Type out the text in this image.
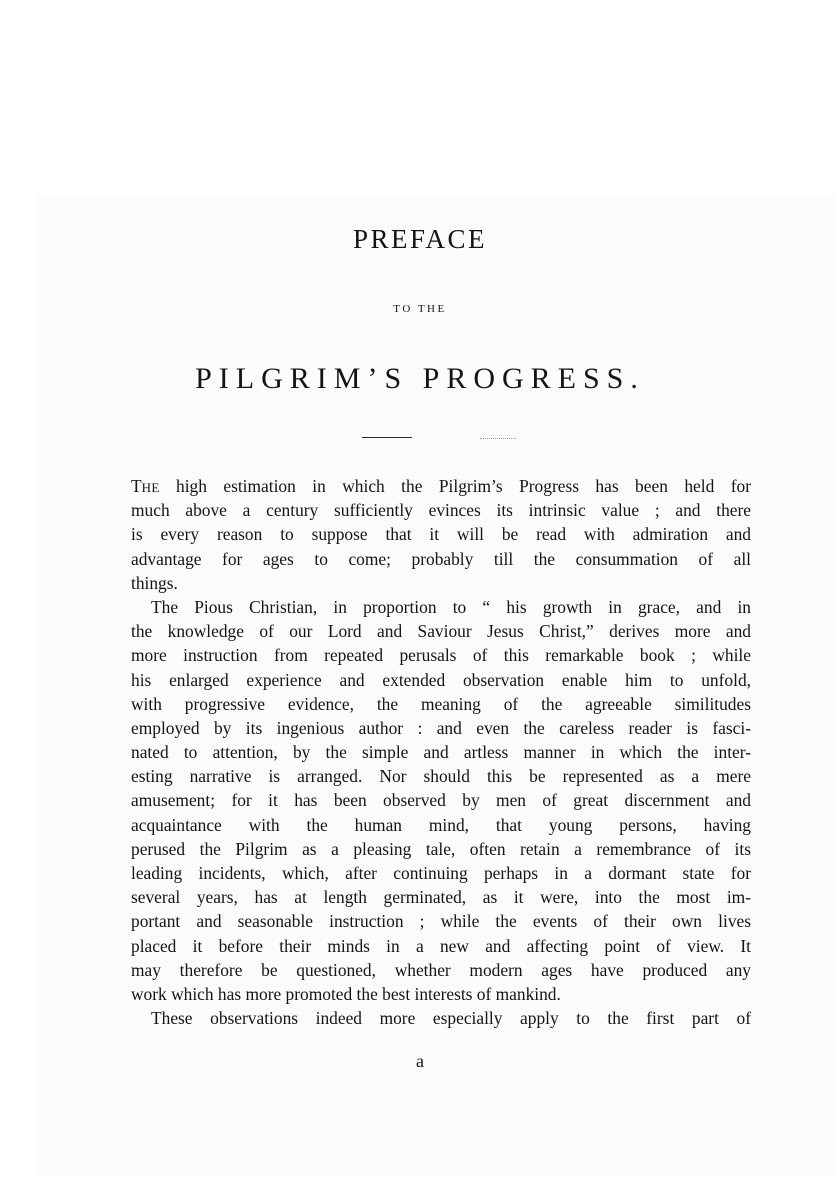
PREFACE
TO THE
PILGRIM’S PROGRESS.
THE high estimation in which the Pilgrim’s Progress has been held for
much above a century sufficiently evinces its intrinsic value ; and there
is every reason to suppose that it will be read with admiration and
advantage for ages to come; probably till the consummation of all
things.
The Pious Christian, in proportion to “ his growth in grace, and in
the knowledge of our Lord and Saviour Jesus Christ,” derives more and
more instruction from repeated perusals of this remarkable book ; while
his enlarged experience and extended observation enable him to unfold,
with progressive evidence, the meaning of the agreeable similitudes
employed by its ingenious author : and even the careless reader is fasci-
nated to attention, by the simple and artless manner in which the inter-
esting narrative is arranged. Nor should this be represented as a mere
amusement; for it has been observed by men of great discernment and
acquaintance with the human mind, that young persons, having
perused the Pilgrim as a pleasing tale, often retain a remembrance of its
leading incidents, which, after continuing perhaps in a dormant state for
several years, has at length germinated, as it were, into the most im-
portant and seasonable instruction ; while the events of their own lives
placed it before their minds in a new and affecting point of view. It
may therefore be questioned, whether modern ages have produced any
work which has more promoted the best interests of mankind.
These observations indeed more especially apply to the first part of
a
